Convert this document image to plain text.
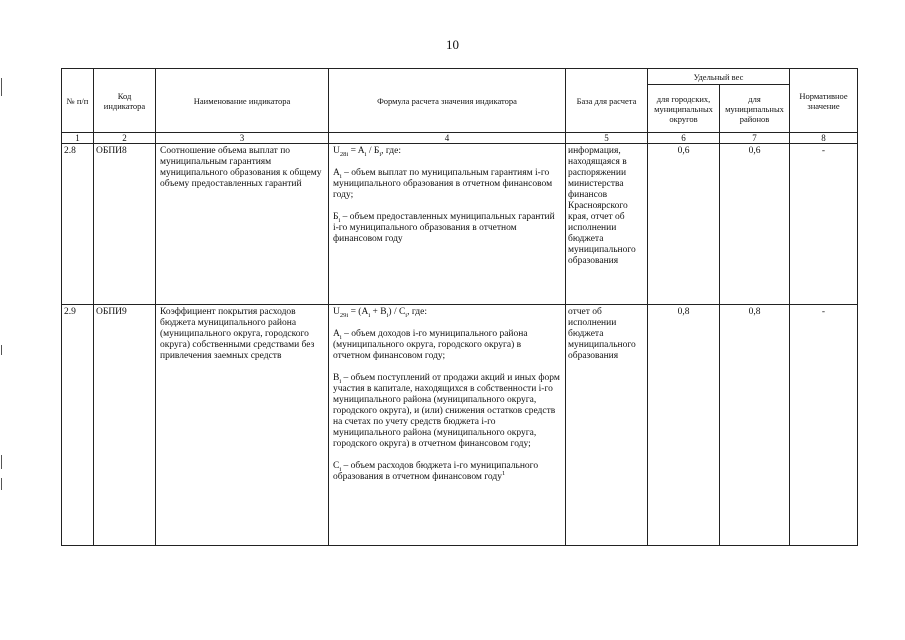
10
№ п/п	Код индикатора	Наименование индикатора	Формула расчета значения индикатора	База для расчета	Удельный вес		Нормативное значение
					для городских, муниципальных округов	для муниципальных районов	
1	2	3	4	5	6	7	8
2.8	ОБПИ8	Соотношение объема выплат по муниципальным гарантиям муниципального образования к общему объему предоставленных гарантий	$U_{28i} = A_i / Б_i$, где:

$A_i$ – объем выплат по муниципальным гарантиям i-го муниципального образования в отчетном финансовом году;

$Б_i$ – объем предоставленных муниципальных гарантий i-го муниципального образования в отчетном финансовом году	информация, находящаяся в распоряжении министерства финансов Красноярского края, отчет об исполнении бюджета муниципального образования	0,6	0,6	-
2.9	ОБПИ9	Коэффициент покрытия расходов бюджета муниципального района (муниципального округа, городского округа) собственными средствами без привлечения заемных средств	$U_{29i} = (A_i + B_i) / C_i$, где:

$A_i$ – объем доходов i-го муниципального района (муниципального округа, городского округа) в отчетном финансовом году;

$B_i$ – объем поступлений от продажи акций и иных форм участия в капитале, находящихся в собственности i-го муниципального района (муниципального округа, городского округа), и (или) снижения остатков средств на счетах по учету средств бюджета i-го муниципального района (муниципального округа, городского округа) в отчетном финансовом году;

$C_i$ – объем расходов бюджета i-го муниципального образования в отчетном финансовом году$^1$	отчет об исполнении бюджета муниципального образования	0,8	0,8	-
